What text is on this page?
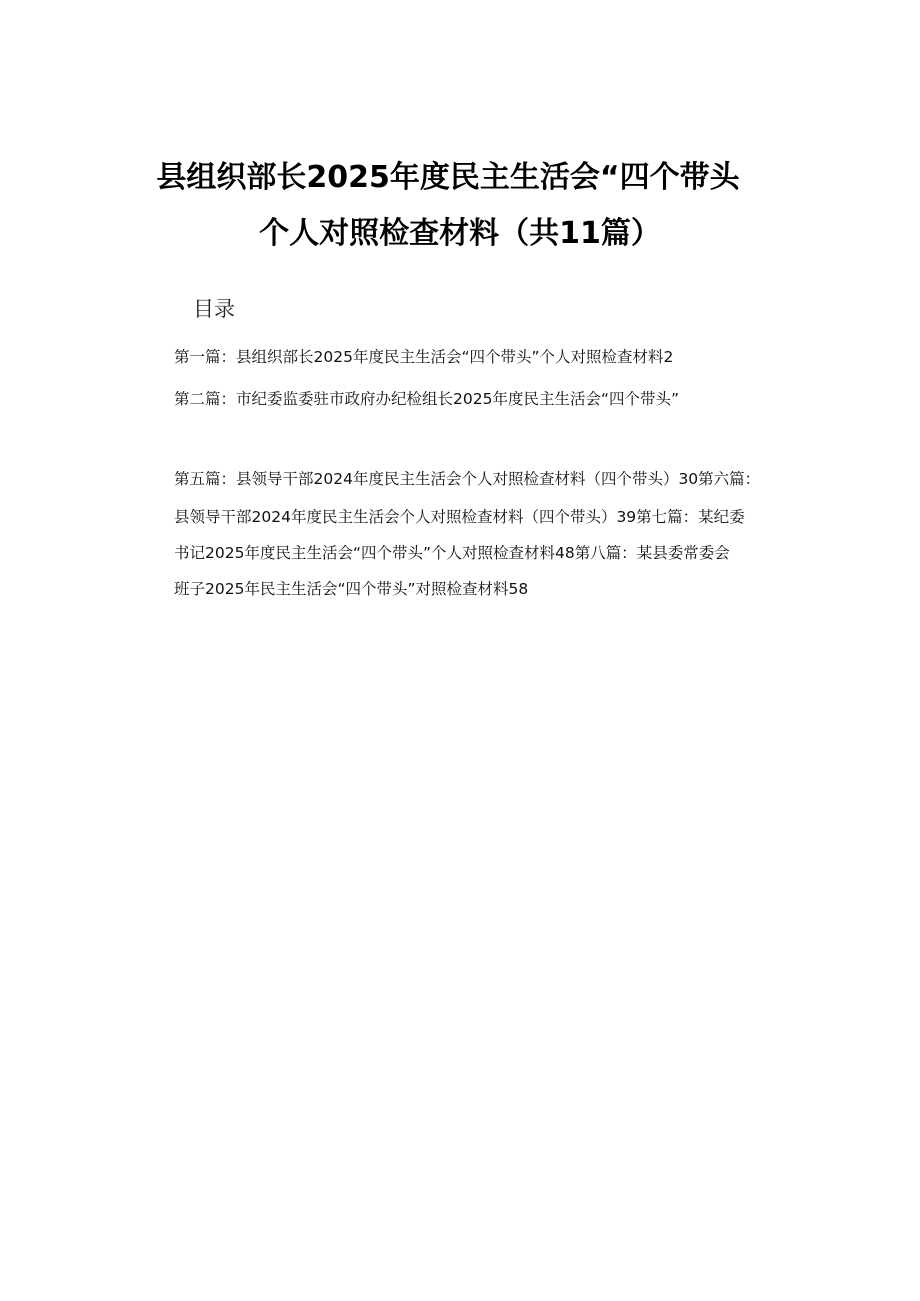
县组织部长2025年度民主生活会“四个带头
个人对照检查材料（共11篇）
目录
第一篇：县组织部长2025年度民主生活会“四个带头”个人对照检查材料2
第二篇：市纪委监委驻市政府办纪检组长2025年度民主生活会“四个带头”
第五篇：县领导干部2024年度民主生活会个人对照检查材料（四个带头）30第六篇：
县领导干部2024年度民主生活会个人对照检查材料（四个带头）39第七篇：某纪委
书记2025年度民主生活会“四个带头”个人对照检查材料48第八篇：某县委常委会
班子2025年民主生活会“四个带头”对照检查材料58
